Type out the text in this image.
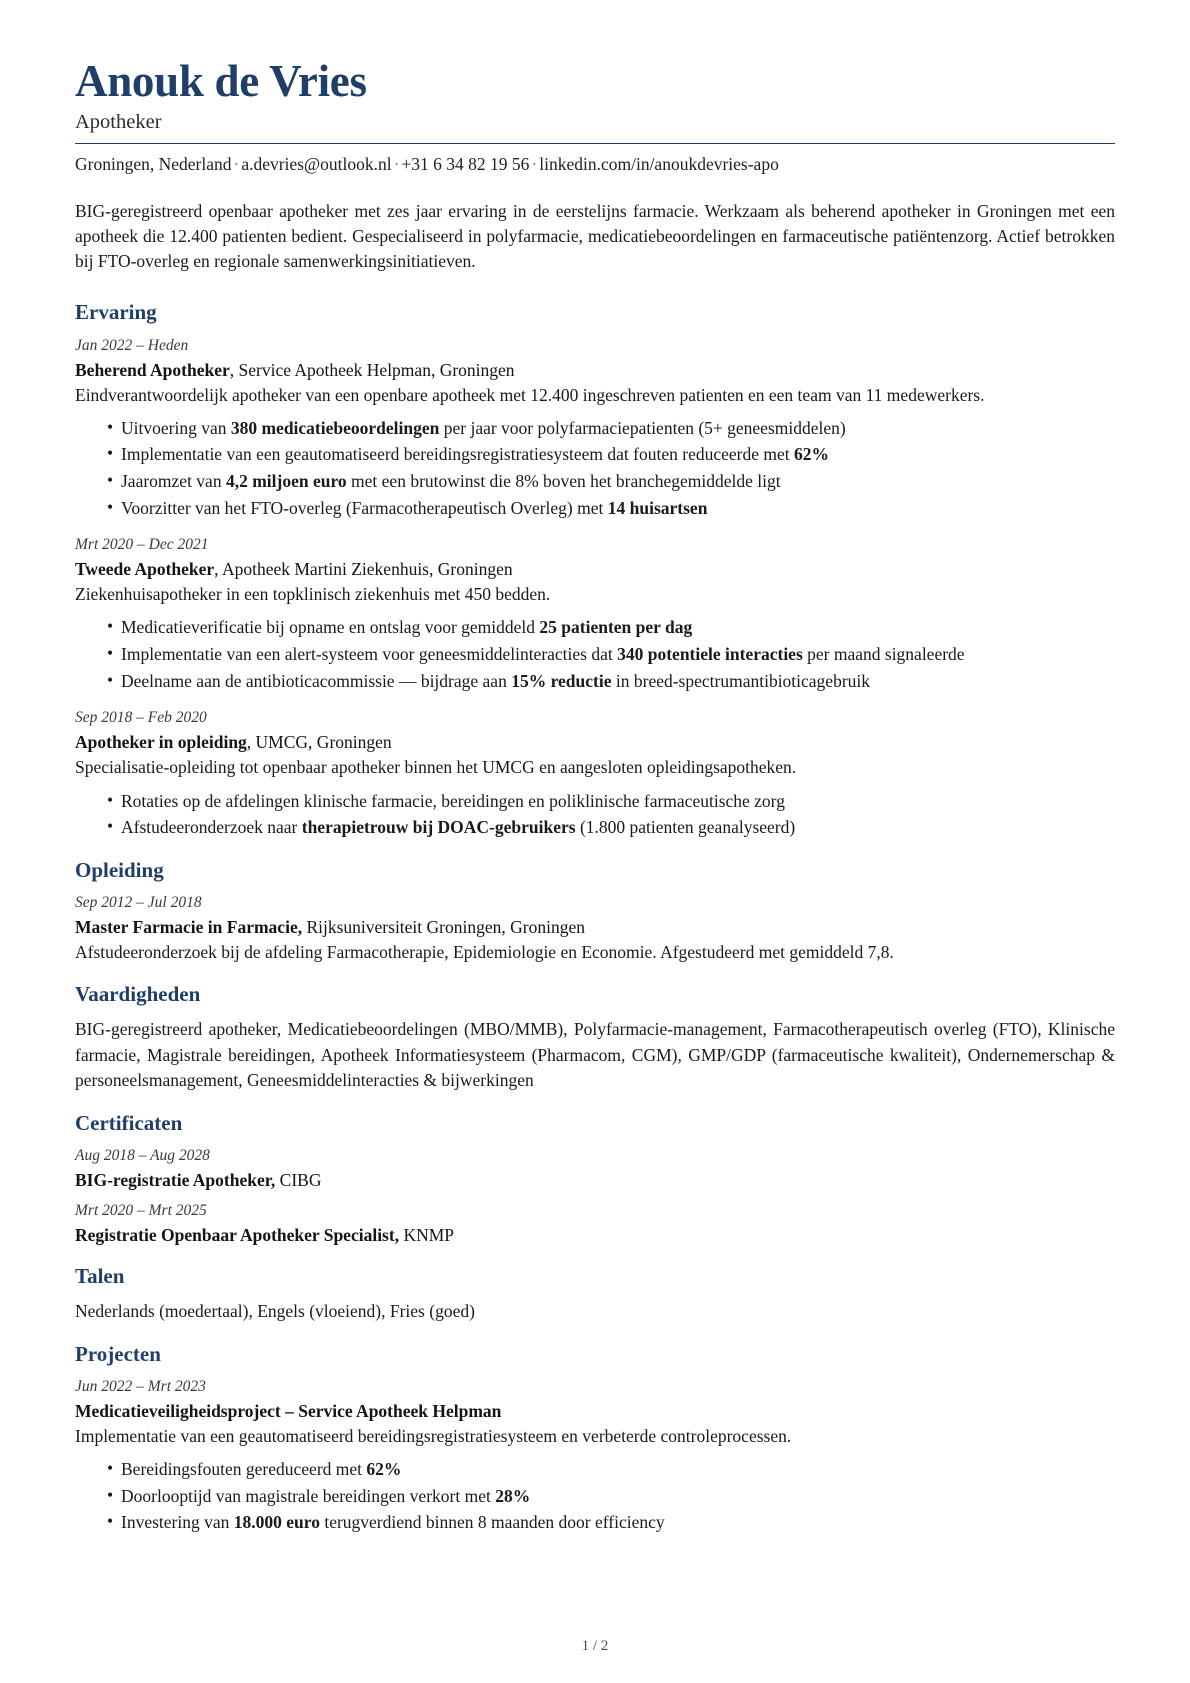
Anouk de Vries
Apotheker
Groningen, Nederland · a.devries@outlook.nl · +31 6 34 82 19 56 · linkedin.com/in/anoukdevries-apo

BIG-geregistreerd openbaar apotheker met zes jaar ervaring in de eerstelijns farmacie. Werkzaam als beherend apotheker in Groningen met een apotheek die 12.400 patienten bedient. Gespecialiseerd in polyfarmacie, medicatiebeoordelingen en farmaceutische patiëntenzorg. Actief betrokken bij FTO-overleg en regionale samenwerkingsinitiatieven.

Ervaring
Jan 2022 – Heden
Beherend Apotheker, Service Apotheek Helpman, Groningen

Eindverantwoordelijk apotheker van een openbare apotheek met 12.400 ingeschreven patienten en een team van 11 medewerkers.

• Uitvoering van 380 medicatiebeoordelingen per jaar voor polyfarmaciepatienten (5+ geneesmiddelen)
• Implementatie van een geautomatiseerd bereidingsregistratiesysteem dat fouten reduceerde met 62%
• Jaaromzet van 4,2 miljoen euro met een brutowinst die 8% boven het branchegemiddelde ligt
• Voorzitter van het FTO-overleg (Farmacotherapeutisch Overleg) met 14 huisartsen
Mrt 2020 – Dec 2021
Tweede Apotheker, Apotheek Martini Ziekenhuis, Groningen

Ziekenhuisapotheker in een topklinisch ziekenhuis met 450 bedden.

• Medicatieverificatie bij opname en ontslag voor gemiddeld 25 patienten per dag
• Implementatie van een alert-systeem voor geneesmiddelinteracties dat 340 potentiele interacties per maand signaleerde
• Deelname aan de antibioticacommissie — bijdrage aan 15% reductie in breed-spectrumantibioticagebruik
Sep 2018 – Feb 2020
Apotheker in opleiding, UMCG, Groningen

Specialisatie-opleiding tot openbaar apotheker binnen het UMCG en aangesloten opleidingsapotheken.

• Rotaties op de afdelingen klinische farmacie, bereidingen en poliklinische farmaceutische zorg
• Afstudeeronderzoek naar therapietrouw bij DOAC-gebruikers (1.800 patienten geanalyseerd)
Opleiding
Sep 2012 – Jul 2018
Master Farmacie in Farmacie, Rijksuniversiteit Groningen, Groningen

Afstudeeronderzoek bij de afdeling Farmacotherapie, Epidemiologie en Economie. Afgestudeerd met gemiddeld 7,8.

Vaardigheden

BIG-geregistreerd apotheker, Medicatiebeoordelingen (MBO/MMB), Polyfarmacie-management, Farmacotherapeutisch overleg (FTO), Klinische farmacie, Magistrale bereidingen, Apotheek Informatiesysteem (Pharmacom, CGM), GMP/GDP (farmaceutische kwaliteit), Ondernemerschap & personeelsmanagement, Geneesmiddelinteracties & bijwerkingen

Certificaten
Aug 2018 – Aug 2028
BIG-registratie Apotheker, CIBG
Mrt 2020 – Mrt 2025
Registratie Openbaar Apotheker Specialist, KNMP
Talen

Nederlands (moedertaal), Engels (vloeiend), Fries (goed)

Projecten
Jun 2022 – Mrt 2023
Medicatieveiligheidsproject – Service Apotheek Helpman

Implementatie van een geautomatiseerd bereidingsregistratiesysteem en verbeterde controleprocessen.

• Bereidingsfouten gereduceerd met 62%
• Doorlooptijd van magistrale bereidingen verkort met 28%
• Investering van 18.000 euro terugverdiend binnen 8 maanden door efficiency
1 / 2
